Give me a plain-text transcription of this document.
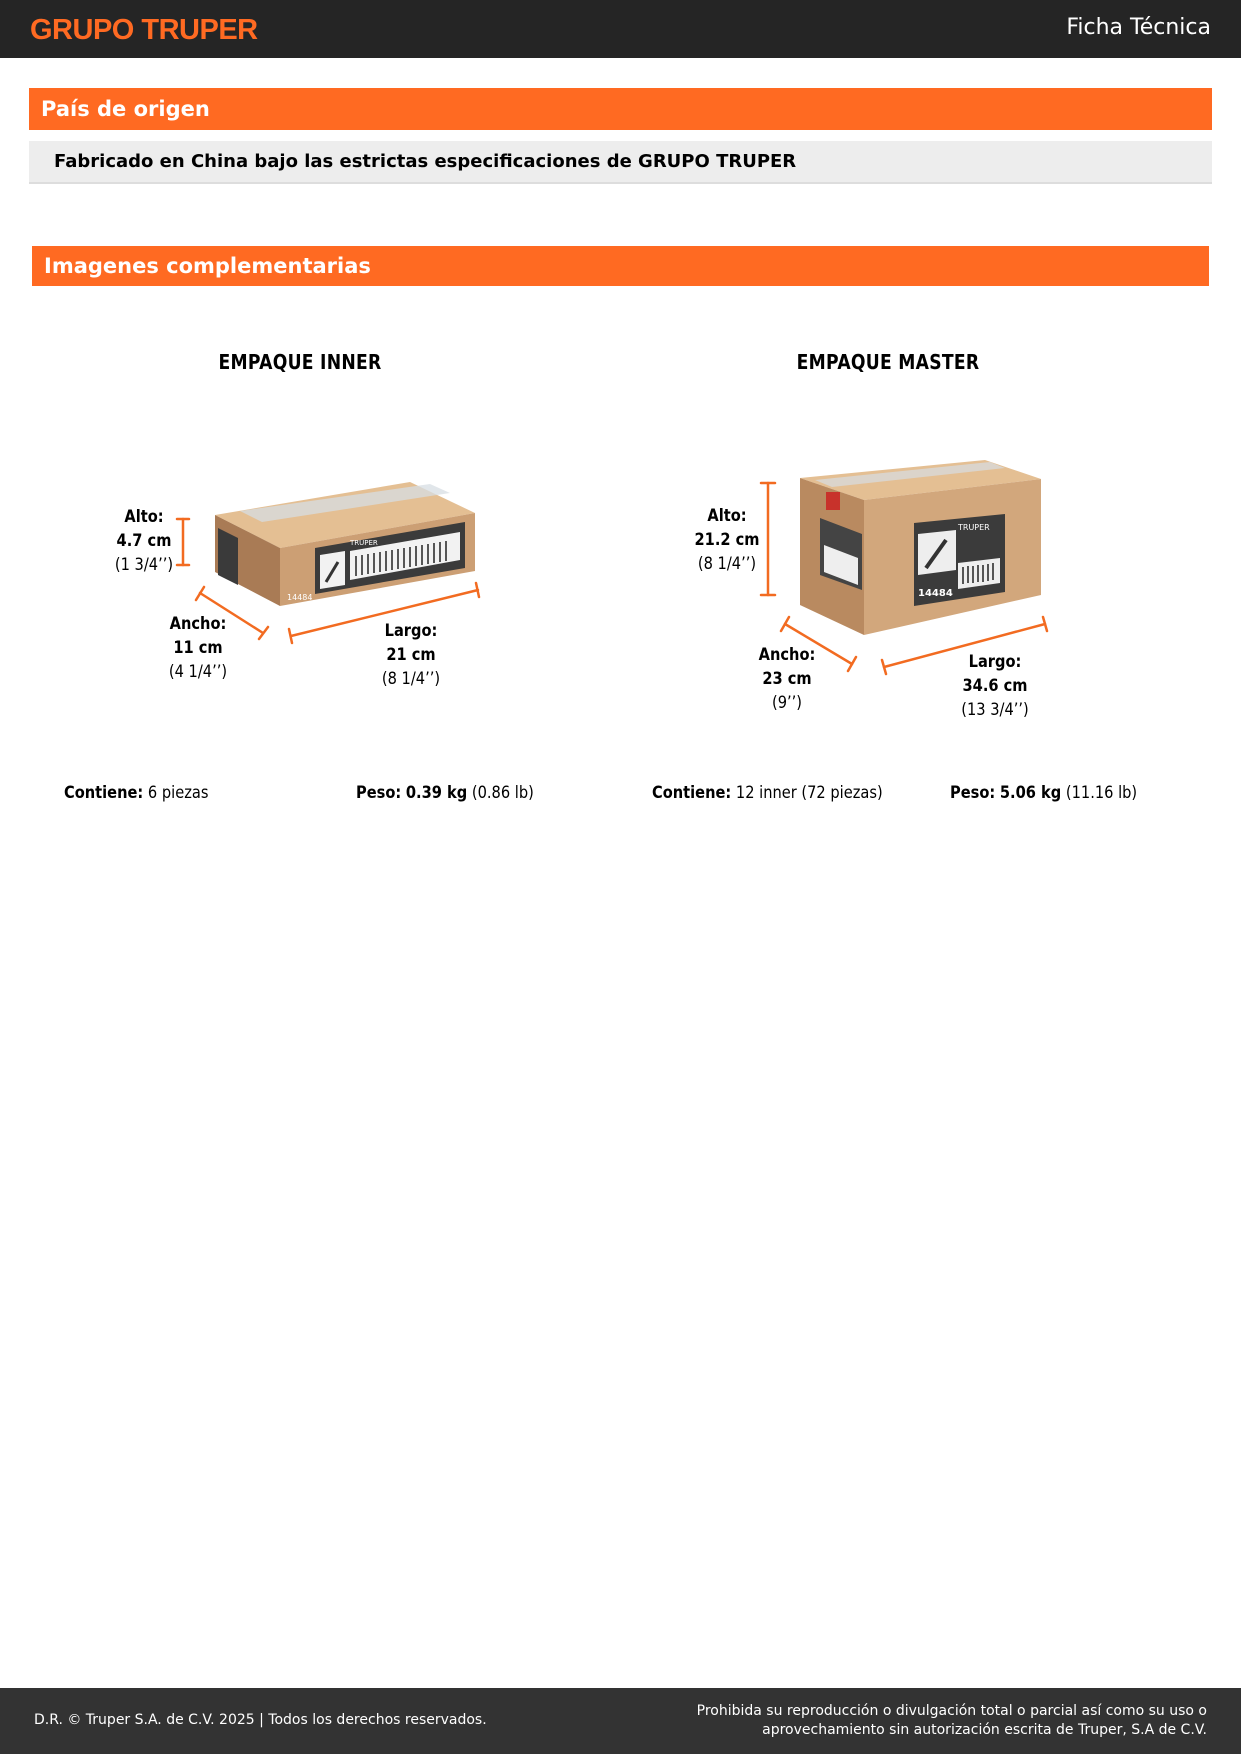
GRUPO TRUPER	Ficha Técnica
País de origen
Fabricado en China bajo las estrictas especificaciones de GRUPO TRUPER
Imagenes complementarias
EMPAQUE INNER
TRUPER
14484
Alto:
4.7 cm
(1 3/4’’)
Ancho:
11 cm
(4 1/4’’)
Largo:
21 cm
(8 1/4’’)
Contiene: 6 piezas	Peso: 0.39 kg (0.86 lb)
EMPAQUE MASTER
TRUPER
14484
Alto:
21.2 cm
(8 1/4’’)
Ancho:
23 cm
(9’’)
Largo:
34.6 cm
(13 3/4’’)
Contiene: 12 inner (72 piezas)	Peso: 5.06 kg (11.16 lb)
D.R. © Truper S.A. de C.V. 2025 | Todos los derechos reservados.
Prohibida su reproducción o divulgación total o parcial así como su uso o
aprovechamiento sin autorización escrita de Truper, S.A de C.V.
